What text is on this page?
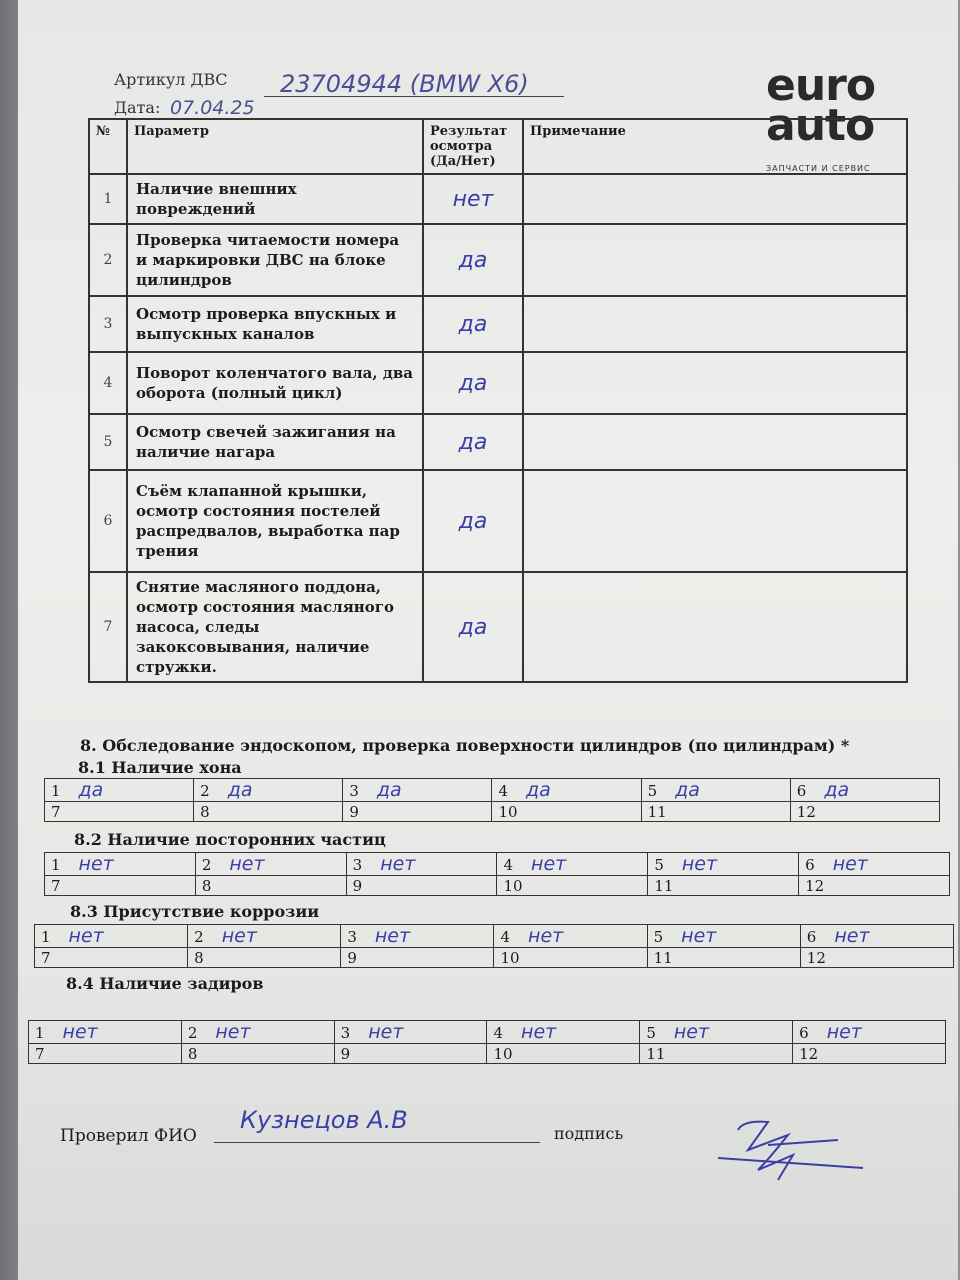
Артикул ДВС 23704944 (BMW X6)
Дата: 07.04.25	euro
auto
ЗАПЧАСТИ И СЕРВИС
№	Параметр	Результат осмотра (Да/Нет)	Примечание
1	Наличие внешних повреждений	нет	
2	Проверка читаемости номера и маркировки ДВС на блоке цилиндров	да	
3	Осмотр проверка впускных и выпускных каналов	да	
4	Поворот коленчатого вала, два оборота (полный цикл)	да	
5	Осмотр свечей зажигания на наличие нагара	да	
6	Съём клапанной крышки, осмотр состояния постелей распредвалов, выработка пар трения	да	
7	Снятие масляного поддона, осмотр состояния масляного насоса, следы закоксовывания, наличие стружки.	да	
8. Обследование эндоскопом, проверка поверхности цилиндров (по цилиндрам) *
8.1 Наличие хона
1 да	2 да	3 да	4 да	5 да	6 да
7	8	9	10	11	12
8.2 Наличие посторонних частиц
1 нет	2 нет	3 нет	4 нет	5 нет	6 нет
7	8	9	10	11	12
8.3 Присутствие коррозии
1 нет	2 нет	3 нет	4 нет	5 нет	6 нет
7	8	9	10	11	12
8.4 Наличие задиров
1 нет	2 нет	3 нет	4 нет	5 нет	6 нет
7	8	9	10	11	12
Проверил ФИО
Кузнецов А.В	подпись
